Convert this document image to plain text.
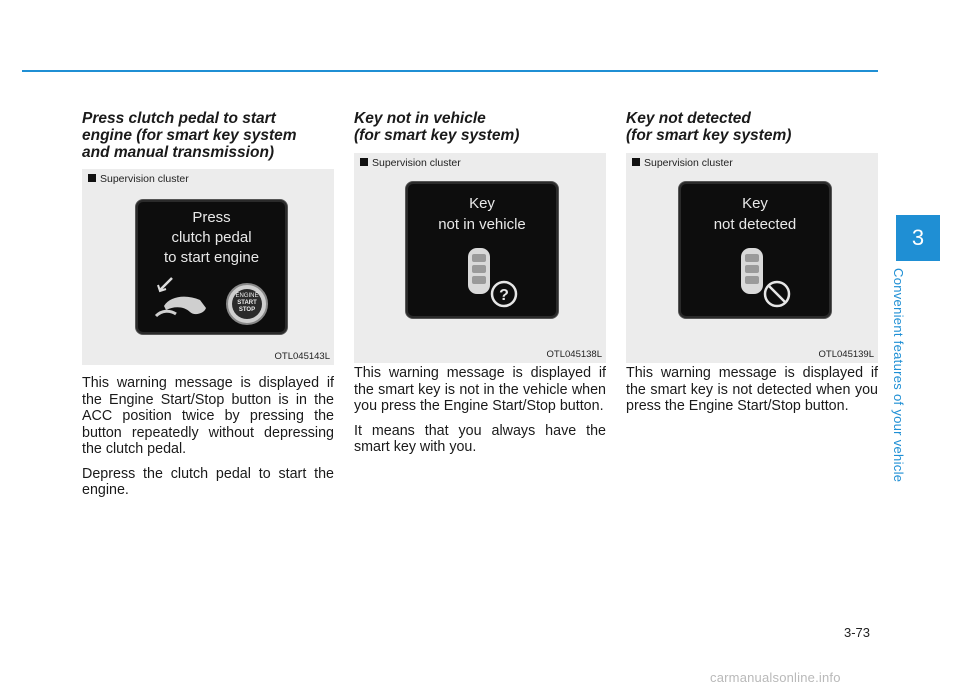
Press clutch pedal to start
engine (for smart key system
and manual transmission)
Supervision cluster
Press
clutch pedal
to start engine
ENGINE
START
STOP
OTL045143L

This warning message is displayed if the Engine Start/Stop button is in the ACC position twice by pressing the button repeatedly without depressing the clutch pedal.

Depress the clutch pedal to start the engine.

Key not in vehicle
(for smart key system)
Supervision cluster
Key
not in vehicle
?
OTL045138L

This warning message is displayed if the smart key is not in the vehicle when you press the Engine Start/Stop button.

It means that you always have the smart key with you.

Key not detected
(for smart key system)
Supervision cluster
Key
not detected
OTL045139L

This warning message is displayed if the smart key is not detected when you press the Engine Start/Stop button.

3
Convenient features of your vehicle
3-73
carmanualsonline.info
